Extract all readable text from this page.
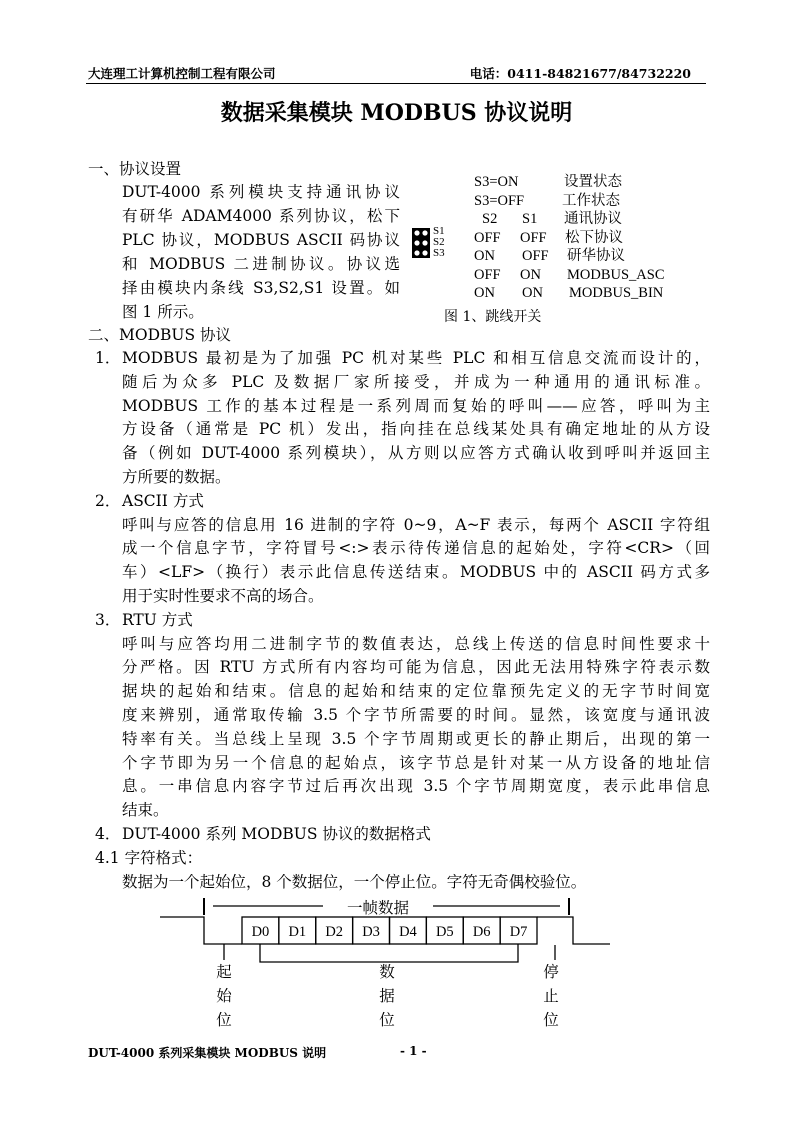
大连理工计算机控制工程有限公司	电话：0411-84821677/84732220
数据采集模块 MODBUS 协议说明
一、协议设置
DUT-4000 系列模块支持通讯协议
有研华 ADAM4000 系列协议，松下
PLC 协议，MODBUS ASCII 码协议
和 MODBUS 二进制协议。协议选
择由模块内条线 S3,S2,S1 设置。如
图 1 所示。
S1
S2
S3
S3=ON	设置状态
S3=OFF	工作状态
S2 S1 通讯协议

OFF OFF 松下协议
ON OFF 研华协议
OFF ON MODBUS_ASC
ON ON MODBUS_BIN
图 1、跳线开关
二、MODBUS 协议
1． MODBUS 最初是为了加强 PC 机对某些 PLC 和相互信息交流而设计的，
随后为众多 PLC 及数据厂家所接受，并成为一种通用的通讯标准。
MODBUS 工作的基本过程是一系列周而复始的呼叫——应答，呼叫为主
方设备（通常是 PC 机）发出，指向挂在总线某处具有确定地址的从方设
备（例如 DUT-4000 系列模块），从方则以应答方式确认收到呼叫并返回主
方所要的数据。
2． ASCII 方式
呼叫与应答的信息用 16 进制的字符 0~9，A~F 表示，每两个 ASCII 字符组
成一个信息字节，字符冒号<:>表示待传递信息的起始处，字符<CR>（回
车）<LF>（换行）表示此信息传送结束。MODBUS 中的 ASCII 码方式多
用于实时性要求不高的场合。
3． RTU 方式
呼叫与应答均用二进制字节的数值表达，总线上传送的信息时间性要求十
分严格。因 RTU 方式所有内容均可能为信息，因此无法用特殊字符表示数
据块的起始和结束。信息的起始和结束的定位靠预先定义的无字节时间宽
度来辨别，通常取传输 3.5 个字节所需要的时间。显然，该宽度与通讯波
特率有关。当总线上呈现 3.5 个字节周期或更长的静止期后，出现的第一
个字节即为另一个信息的起始点，该字节总是针对某一从方设备的地址信
息。一串信息内容字节过后再次出现 3.5 个字节周期宽度，表示此串信息
结束。
4． DUT-4000 系列 MODBUS 协议的数据格式
4.1 字符格式：
数据为一个起始位，8 个数据位，一个停止位。字符无奇偶校验位。
D0 D1 D2 D3 D4 D5 D6 D7
一帧数据
起
始
位
数
据
位
停
止
位
DUT-4000 系列采集模块 MODBUS 说明	- 1 -
